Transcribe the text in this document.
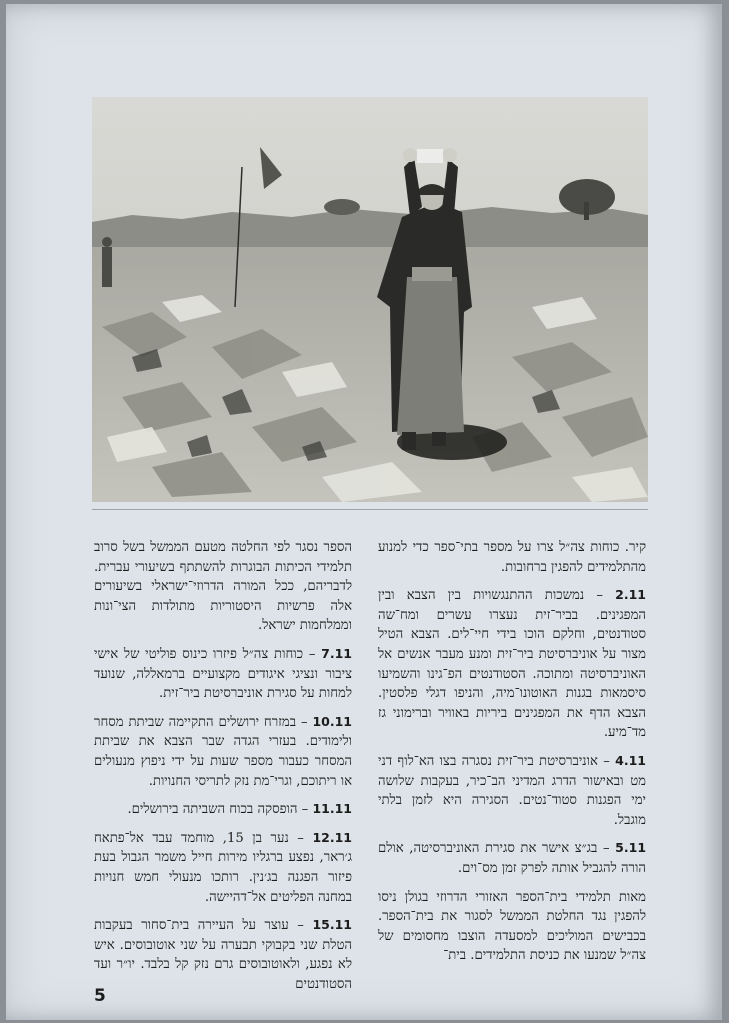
קיר. כוחות צה״ל צרו על מספר בתי־ספר כדי למנוע מהתלמידים להפגין ברחובות.
2.11 – נמשכות ההתנגשויות בין הצבא ובין המפגינים. בביר־זית נעצרו עשרים ומח־שה סטודנטים, וחלקם הוכו בידי חיי־לים. הצבא הטיל מצור על אוניברסיטת ביר־זית ומנע מעבר אנשים אל האוניברסיטה ומתוכה. הסטודנטים הפ־גינו והשמיעו סיסמאות בגנות האוטונו־מיה, והניפו דגלי פלסטין. הצבא הדף את המפגינים ביריות באוויר וברימוני גז מד־מיע.
4.11 – אוניברסיטת ביר־זית נסגרה בצו הא־לוף דני מט ובאישור הדרג המדיני הב־כיר, בעקבות שלושה ימי הפגנות סטוד־נטים. הסגירה היא לזמן בלתי מוגבל.
5.11 – בג״צ אישר את סגירת האוניברסיטה, אולם הורה להגביל אותה לפרק זמן מס־וים.
מאות תלמידי בית־הספר האזורי הדרוזי בגולן ניסו להפגין נגד החלטת הממשל לסגור את בית־הספר. בכבישים המוליכים למסעדה הוצבו מחסומים של צה״ל שמנעו את כניסת התלמידים. בית־
הספר נסגר לפי החלטה מטעם הממשל בשל סרוב תלמידי הכיתות הבוגרות להשתתף בשיעורי עברית. לדבריהם, ככל המורה הדרוזי־ישראלי בשיעורים אלה פרשיות היסטוריות מתולדות הצי־ונות וממלחמות ישראל.
7.11 – כוחות צה״ל פיזרו כינוס פוליטי של אישי ציבור ונציגי איגודים מקצועיים ברמאללה, שנועד למחות על סגירת אוניברסיטת ביר־זית.
10.11 – במזרח ירושלים התקיימה שביתת מסחר ולימודים. בעזרי הגדה שבר הצבא את שביתת המסחר כעבור מספר שעות על ידי ניפוץ מנעולים או ריתוכם, וגרי־מת נזק לתריסי החנויות.
11.11 – הופסקה בכוח השביתה בירושלים.
12.11 – נער בן 15, מוחמד עבד אל־פתאח ג׳ראר, נפצע ברגליו מירות חייל משמר הגבול בעת פיזור הפגנה בג׳נין. רותכו מנעולי חמש חנויות במחנה הפליטים אל־דהיישה.
15.11 – עוצר על העיירה בית־סחור בעקבות הטלת שני בקבוקי תבערה על שני אוטובוסים. איש לא נפגע, ולאוטובוסים גרם נזק קל בלבד. יו״ר ועד הסטודנטים
5
